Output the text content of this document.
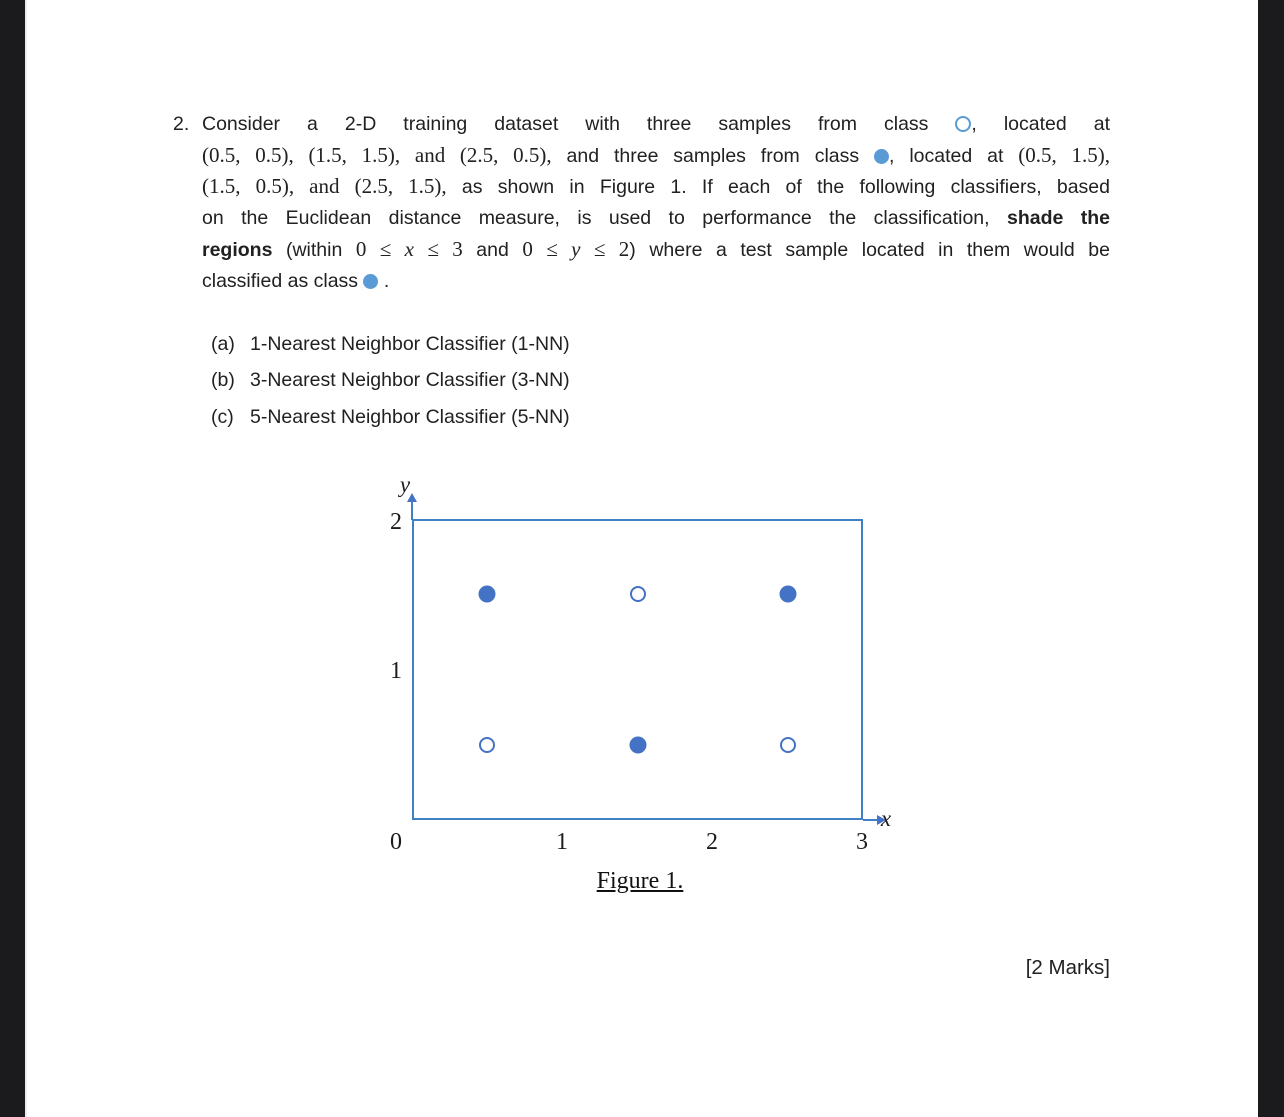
2. Consider a 2-D training dataset with three samples from class , located at
(0.5, 0.5), (1.5, 1.5), and (2.5, 0.5), and three samples from class , located at (0.5, 1.5),
(1.5, 0.5), and (2.5, 1.5), as shown in Figure 1. If each of the following classifiers, based
on the Euclidean distance measure, is used to performance the classification, shade the
regions (within 0 ≤ x ≤ 3 and 0 ≤ y ≤ 2) where a test sample located in them would be
classified as class  .
(a) 1-Nearest Neighbor Classifier (1-NN)
(b) 3-Nearest Neighbor Classifier (3-NN)
(c) 5-Nearest Neighbor Classifier (5-NN)
y
x
2
1
0	1	2	3
Figure 1.
[2 Marks]
